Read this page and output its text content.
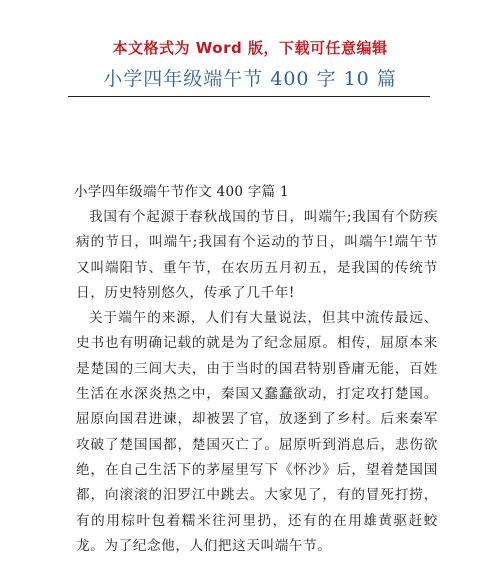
本文格式为 Word 版，下载可任意编辑
小学四年级端午节 400 字 10 篇
小学四年级端午节作文 400 字篇 1

我国有个起源于春秋战国的节日，叫端午;我国有个防疾病的节日，叫端午;我国有个运动的节日，叫端午!端午节又叫端阳节、重午节，在农历五月初五，是我国的传统节日，历史特别悠久，传承了几千年!

关于端午的来源，人们有大量说法，但其中流传最远、史书也有明确记载的就是为了纪念屈原。相传，屈原本来是楚国的三闾大夫，由于当时的国君特别昏庸无能，百姓生活在水深炎热之中，秦国又蠢蠢欲动，打定攻打楚国。屈原向国君进谏，却被罢了官，放逐到了乡村。后来秦军攻破了楚国国都，楚国灭亡了。屈原听到消息后，悲伤欲绝，在自己生活下的茅屋里写下《怀沙》后，望着楚国国都，向滚滚的汨罗江中跳去。大家见了，有的冒死打捞，有的用棕叶包着糯米往河里扔，还有的在用雄黄驱赶蛟龙。为了纪念他，人们把这天叫端午节。
